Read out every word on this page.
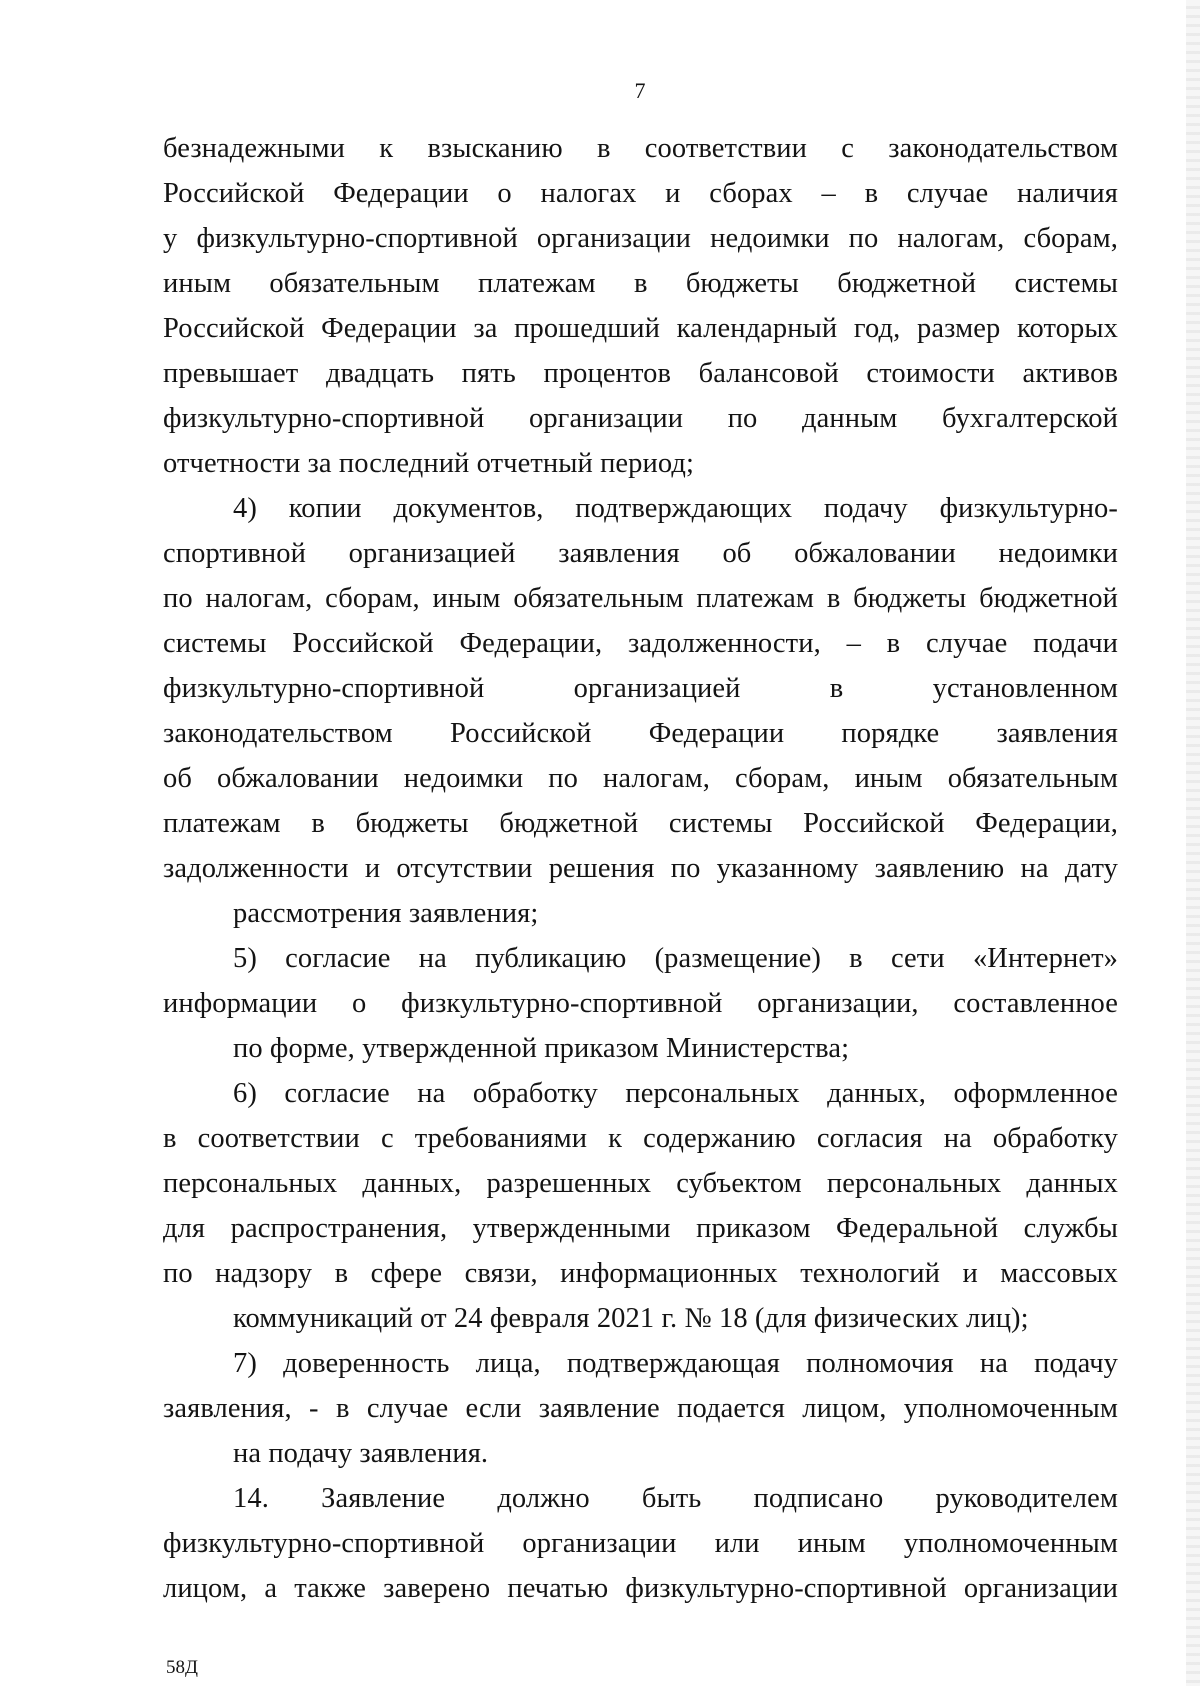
7
безнадежными к взысканию в соответствии с законодательством
Российской Федерации о налогах и сборах – в случае наличия
у физкультурно-спортивной организации недоимки по налогам, сборам,
иным обязательным платежам в бюджеты бюджетной системы
Российской Федерации за прошедший календарный год, размер которых
превышает двадцать пять процентов балансовой стоимости активов
физкультурно-спортивной организации по данным бухгалтерской
отчетности за последний отчетный период;
4) копии документов, подтверждающих подачу физкультурно-
спортивной организацией заявления об обжаловании недоимки
по налогам, сборам, иным обязательным платежам в бюджеты бюджетной
системы Российской Федерации, задолженности, – в случае подачи
физкультурно-спортивной организацией в установленном
законодательством Российской Федерации порядке заявления
об обжаловании недоимки по налогам, сборам, иным обязательным
платежам в бюджеты бюджетной системы Российской Федерации,
задолженности и отсутствии решения по указанному заявлению на дату
рассмотрения заявления;
5) согласие на публикацию (размещение) в сети «Интернет»
информации о физкультурно-спортивной организации, составленное
по форме, утвержденной приказом Министерства;
6) согласие на обработку персональных данных, оформленное
в соответствии с требованиями к содержанию согласия на обработку
персональных данных, разрешенных субъектом персональных данных
для распространения, утвержденными приказом Федеральной службы
по надзору в сфере связи, информационных технологий и массовых
коммуникаций от 24 февраля 2021 г. № 18 (для физических лиц);
7) доверенность лица, подтверждающая полномочия на подачу
заявления, - в случае если заявление подается лицом, уполномоченным
на подачу заявления.
14. Заявление должно быть подписано руководителем
физкультурно-спортивной организации или иным уполномоченным
лицом, а также заверено печатью физкультурно-спортивной организации
58Д
